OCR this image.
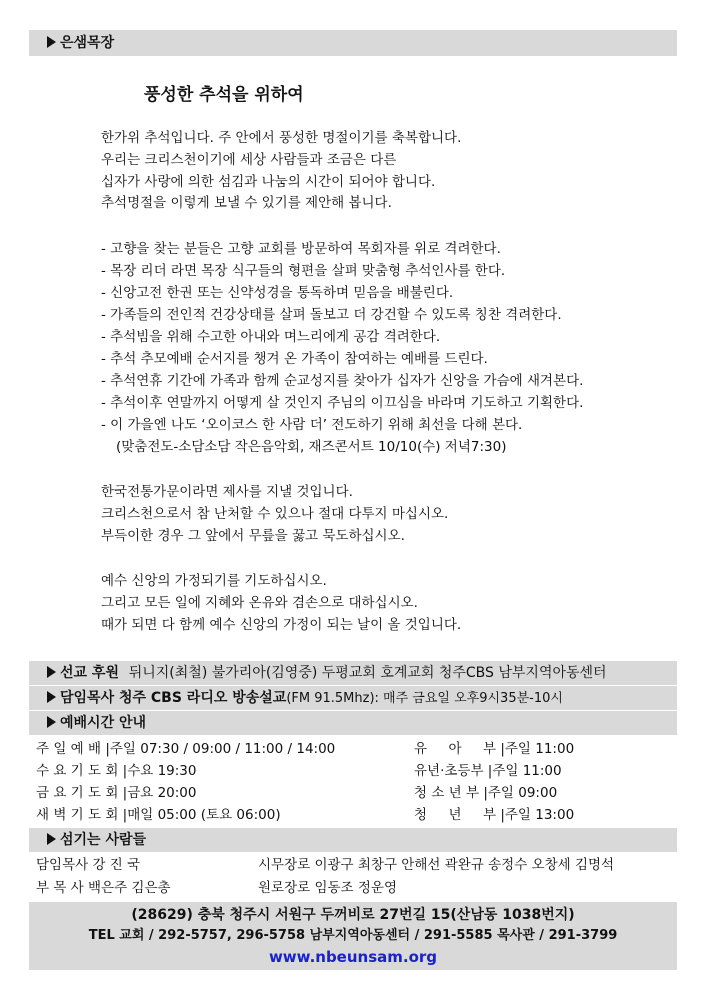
은샘목장
풍성한 추석을 위하여
한가위 추석입니다. 주 안에서 풍성한 명절이기를 축복합니다.
우리는 크리스천이기에 세상 사람들과 조금은 다른
십자가 사랑에 의한 섬김과 나눔의 시간이 되어야 합니다.
추석명절을 이렇게 보낼 수 있기를 제안해 봅니다.
- 고향을 찾는 분들은 고향 교회를 방문하여 목회자를 위로 격려한다.
- 목장 리더 라면 목장 식구들의 형편을 살펴 맞춤형 추석인사를 한다.
- 신앙고전 한권 또는 신약성경을 통독하며 믿음을 배불린다.
- 가족들의 전인적 건강상태를 살펴 돌보고 더 강건할 수 있도록 칭찬 격려한다.
- 추석빔을 위해 수고한 아내와 며느리에게 공감 격려한다.
- 추석 추모예배 순서지를 챙겨 온 가족이 참여하는 예배를 드린다.
- 추석연휴 기간에 가족과 함께 순교성지를 찾아가 십자가 신앙을 가슴에 새겨본다.
- 추석이후 연말까지 어떻게 살 것인지 주님의 이끄심을 바라며 기도하고 기획한다.
- 이 가을엔 나도 ‘오이코스 한 사람 더’ 전도하기 위해 최선을 다해 본다.
(맞춤전도-소담소담 작은음악회, 재즈콘서트 10/10(수) 저녁7:30)
한국전통가문이라면 제사를 지낼 것입니다.
크리스천으로서 참 난처할 수 있으나 절대 다투지 마십시오.
부득이한 경우 그 앞에서 무릎을 꿇고 묵도하십시오.
예수 신앙의 가정되기를 기도하십시오.
그리고 모든 일에 지혜와 온유와 겸손으로 대하십시오.
때가 되면 다 함께 예수 신앙의 가정이 되는 날이 올 것입니다.
선교 후원 뒤니지(최철) 불가리아(김영중) 두평교회 호계교회 청주CBS 남부지역아동센터
담임목사 청주 CBS 라디오 방송설교(FM 91.5Mhz): 매주 금요일 오후9시35분-10시
예배시간 안내
주 일 예 배 |주일 07:30 / 09:00 / 11:00 / 14:00
수 요 기 도 회 |수요 19:30
금 요 기 도 회 |금요 20:00
새 벽 기 도 회 |매일 05:00 (토요 06:00)
유     아     부 |주일 11:00
유년·초등부 |주일 11:00
청 소 년 부 |주일 09:00
청     년     부 |주일 13:00
섬기는 사람들
담임목사 강 진 국
부 목 사 백은주 김은총
시무장로 이광구 최창구 안해선 곽완규 송정수 오창세 김명석
원로장로 임동조 정운영
(28629) 충북 청주시 서원구 두꺼비로 27번길 15(산남동 1038번지)
TEL 교회 / 292-5757, 296-5758 남부지역아동센터 / 291-5585 목사관 / 291-3799
www.nbeunsam.org
